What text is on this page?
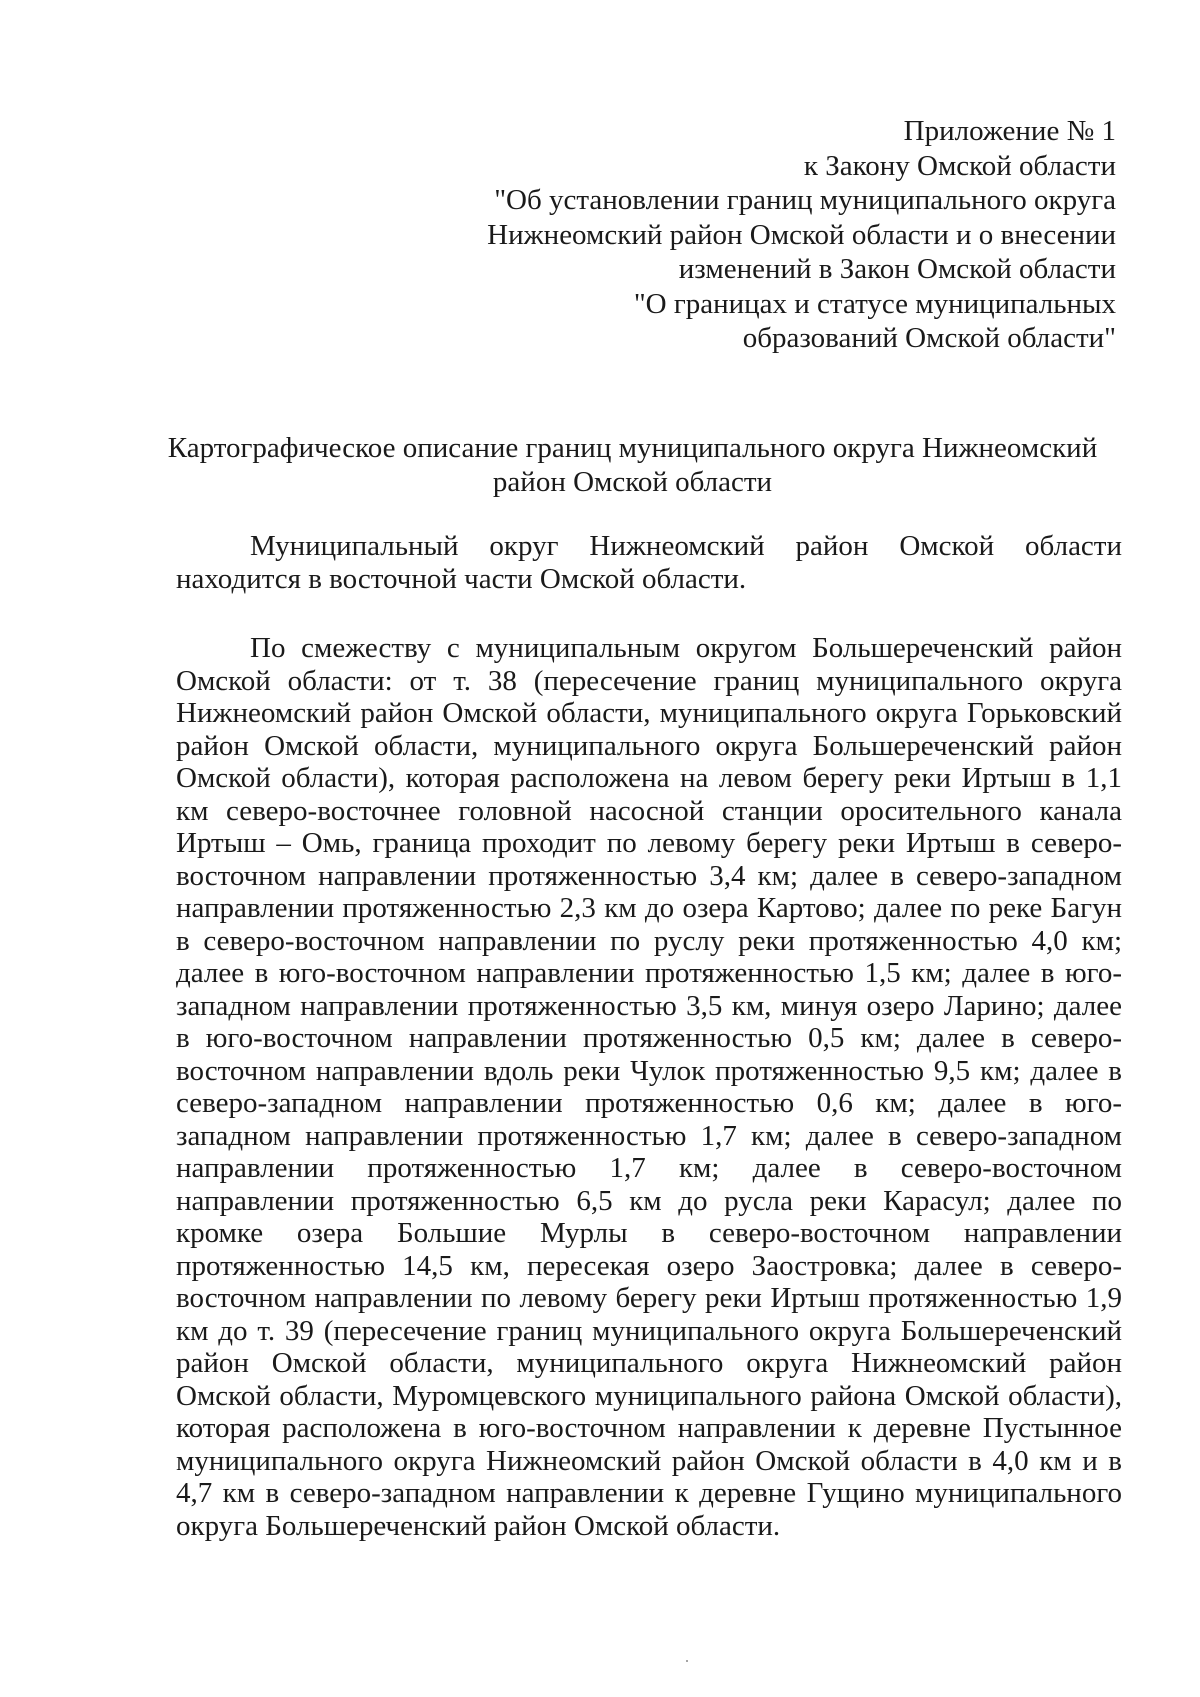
Приложение № 1
к Закону Омской области
"Об установлении границ муниципального округа
Нижнеомский район Омской области и о внесении
изменений в Закон Омской области
"О границах и статусе муниципальных
образований Омской области"
Картографическое описание границ муниципального округа Нижнеомский
район Омской области

Муниципальный округ Нижнеомский район Омской области находится в восточной части Омской области.

По смежеству с муниципальным округом Большереченский район Омской области: от т. 38 (пересечение границ муниципального округа Нижнеомский район Омской области, муниципального округа Горьковский район Омской области, муниципального округа Большереченский район Омской области), которая расположена на левом берегу реки Иртыш в 1,1 км северо-восточнее головной насосной станции оросительного канала Иртыш – Омь, граница проходит по левому берегу реки Иртыш в северо-восточном направлении протяженностью 3,4 км; далее в северо-западном направлении протяженностью 2,3 км до озера Картово; далее по реке Багун в северо-восточном направлении по руслу реки протяженностью 4,0 км; далее в юго-восточном направлении протяженностью 1,5 км; далее в юго-западном направлении протяженностью 3,5 км, минуя озеро Ларино; далее в юго-восточном направлении протяженностью 0,5 км; далее в северо-восточном направлении вдоль реки Чулок протяженностью 9,5 км; далее в северо-западном направлении протяженностью 0,6 км; далее в юго-западном направлении протяженностью 1,7 км; далее в северо-западном направлении протяженностью 1,7 км; далее в северо-восточном направлении протяженностью 6,5 км до русла реки Карасул; далее по кромке озера Большие Мурлы в северо-восточном направлении протяженностью 14,5 км, пересекая озеро Заостровка; далее в северо-восточном направлении по левому берегу реки Иртыш протяженностью 1,9 км до т. 39 (пересечение границ муниципального округа Большереченский район Омской области, муниципального округа Нижнеомский район Омской области, Муромцевского муниципального района Омской области), которая расположена в юго-восточном направлении к деревне Пустынное муниципального округа Нижнеомский район Омской области в 4,0 км и в 4,7 км в северо-западном направлении к деревне Гущино муниципального округа Большереченский район Омской области.
